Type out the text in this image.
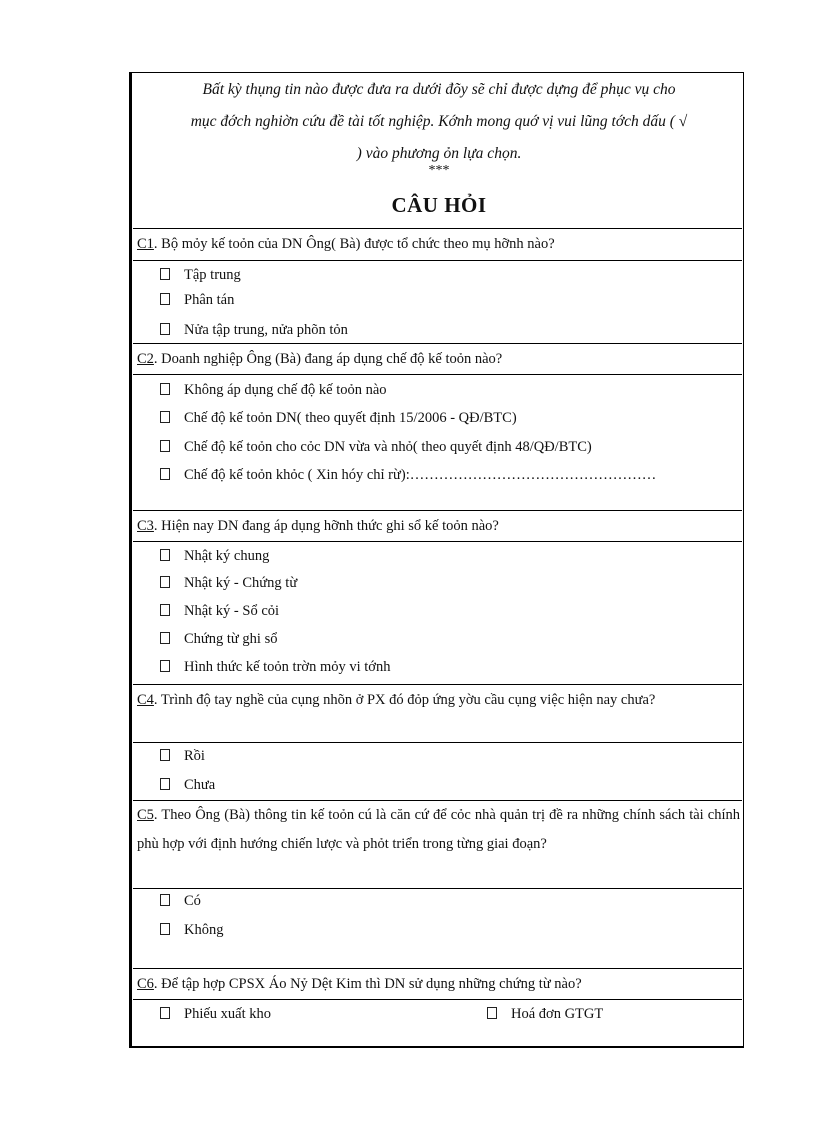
Bất kỳ thụng tin nào được đưa ra dưới đõy sẽ chỉ được dựng để phục vụ cho
mục đớch nghiờn cứu đề tài tốt nghiệp. Kớnh mong quớ vị vui lũng tớch dấu ( √

) vào phương ỏn lựa chọn.
***
CÂU HỎI
C1. Bộ mỏy kế toỏn của DN Ông( Bà) được tổ chức theo mụ hỡnh nào?
Tập trung
Phân tán
Nửa tập trung, nửa phõn tỏn
C2. Doanh nghiệp Ông (Bà) đang áp dụng chế độ kế toỏn nào?
Không áp dụng chế độ kế toỏn nào
Chế độ kế toỏn DN( theo quyết định 15/2006 - QĐ/BTC)
Chế độ kế toỏn cho cỏc DN vừa và nhỏ( theo quyết định 48/QĐ/BTC)
Chế độ kế toỏn khỏc ( Xin hóy chỉ rừ):……………………………………………
C3. Hiện nay DN đang áp dụng hỡnh thức ghi sổ kế toỏn nào?
Nhật ký chung
Nhật ký - Chứng từ
Nhật ký - Sổ cỏi
Chứng từ ghi sổ
Hình thức kế toỏn trờn mỏy vi tớnh
C4. Trình độ tay nghề của cụng nhõn ở PX đó đỏp ứng yờu cầu cụng việc hiện nay chưa?
Rồi
Chưa
C5. Theo Ông (Bà) thông tin kế toỏn cú là căn cứ để cỏc nhà quản trị đề ra những chính sách tài chính phù hợp với định hướng chiến lược và phỏt triển trong từng giai đoạn?
Có
Không
C6. Để tập hợp CPSX Áo Nỷ Dệt Kim thì DN sử dụng những chứng từ nào?
Phiếu xuất kho	Hoá đơn GTGT
